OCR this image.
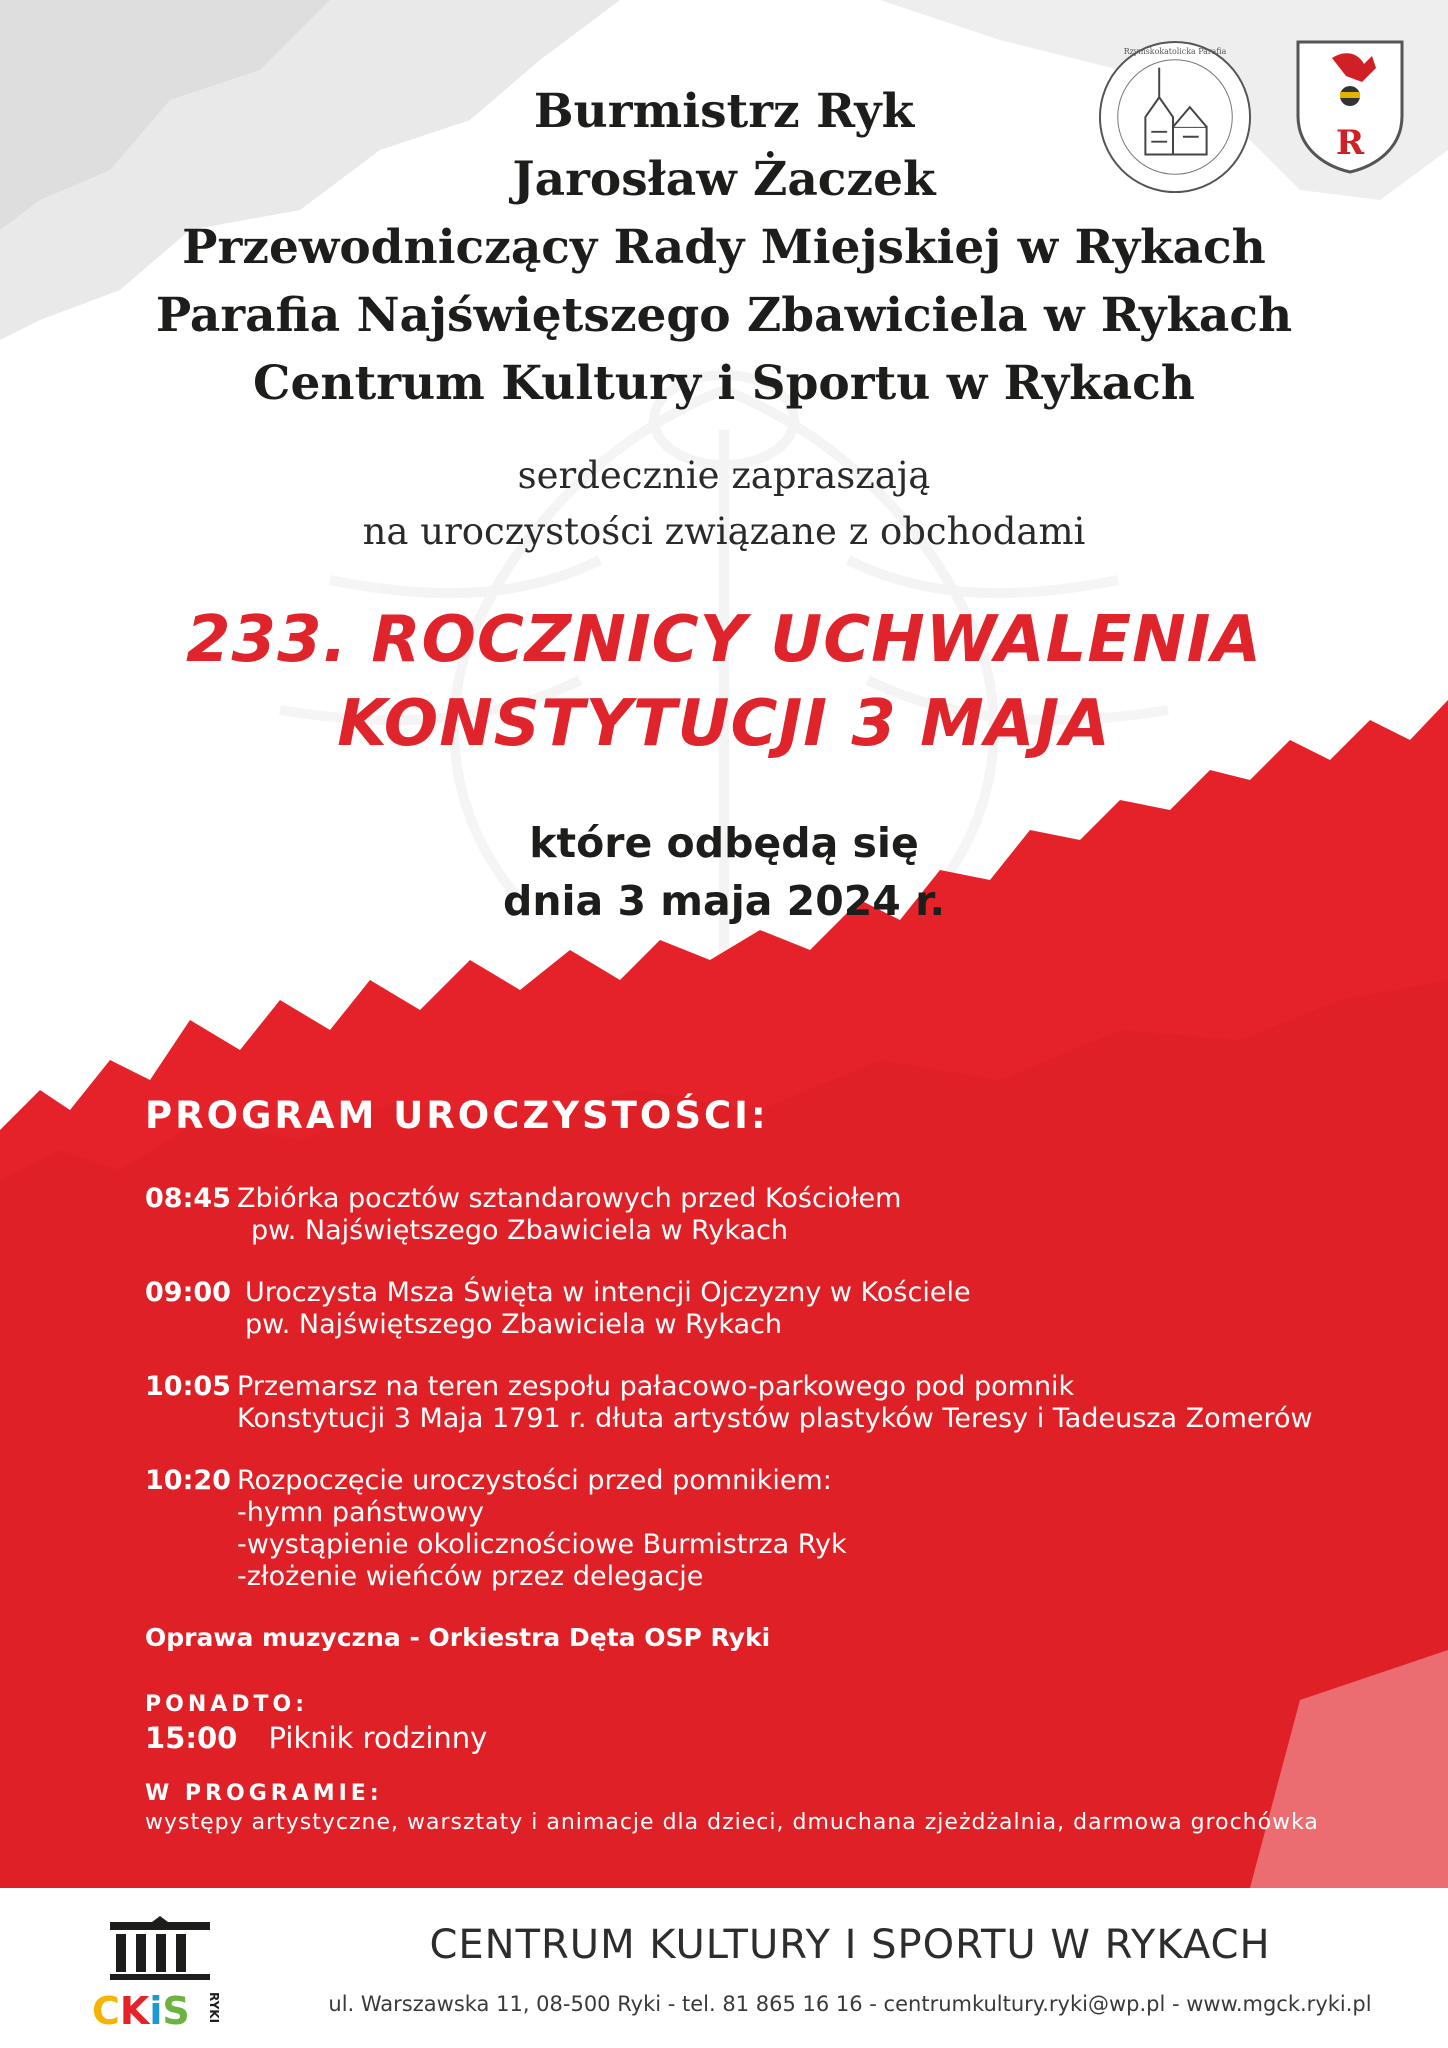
Rzymskokatolicka Parafia
R
Burmistrz Ryk
Jarosław Żaczek
Przewodniczący Rady Miejskiej w Rykach
Parafia Najświętszego Zbawiciela w Rykach
Centrum Kultury i Sportu w Rykach
serdecznie zapraszają
na uroczystości związane z obchodami
233. ROCZNICY UCHWALENIA
KONSTYTUCJI 3 MAJA
które odbędą się
dnia 3 maja 2024 r.
PROGRAM UROCZYSTOŚCI:
08:45 Zbiórka pocztów sztandarowych przed Kościołem
pw. Najświętszego Zbawiciela w Rykach
09:00 Uroczysta Msza Święta w intencji Ojczyzny w Kościele
pw. Najświętszego Zbawiciela w Rykach
10:05 Przemarsz na teren zespołu pałacowo-parkowego pod pomnik
Konstytucji 3 Maja 1791 r. dłuta artystów plastyków Teresy i Tadeusza Zomerów
10:20 Rozpoczęcie uroczystości przed pomnikiem:
-hymn państwowy
-wystąpienie okolicznościowe Burmistrza Ryk
-złożenie wieńców przez delegacje
Oprawa muzyczna - Orkiestra Dęta OSP Ryki
PONADTO:
15:00 Piknik rodzinny
W PROGRAMIE:
występy artystyczne, warsztaty i animacje dla dzieci, dmuchana zjeżdżalnia, darmowa grochówka
CKiS RYKI
CENTRUM KULTURY I SPORTU W RYKACH
ul. Warszawska 11, 08-500 Ryki - tel. 81 865 16 16 - centrumkultury.ryki@wp.pl - www.mgck.ryki.pl
